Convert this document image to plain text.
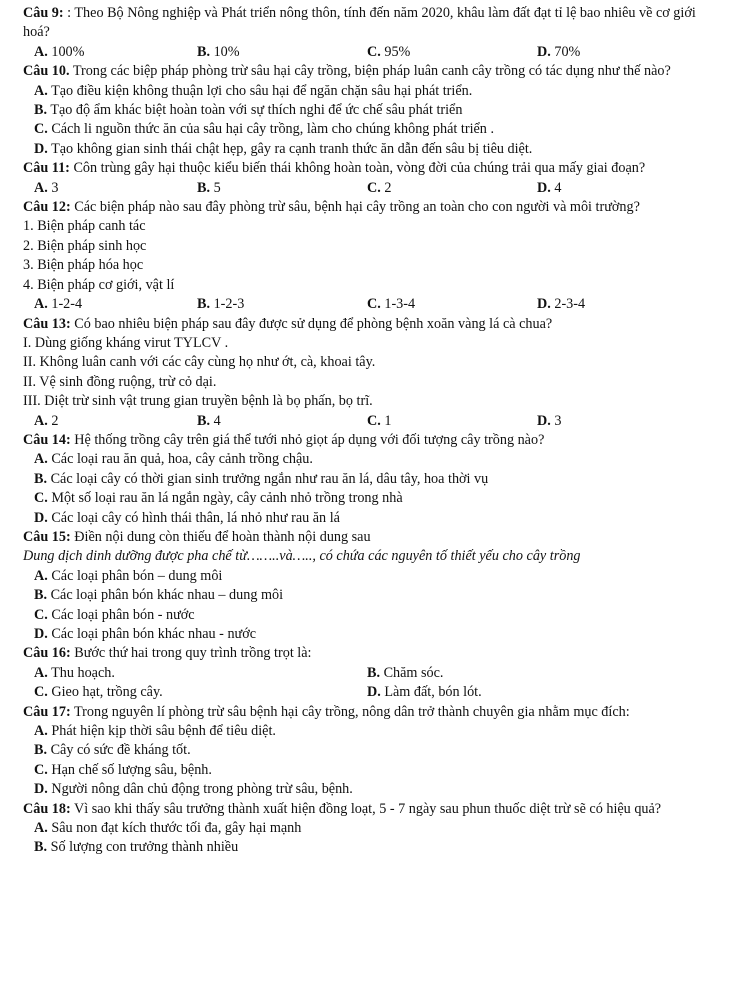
Câu 9: : Theo Bộ Nông nghiệp và Phát triển nông thôn, tính đến năm 2020, khâu làm đất đạt tỉ lệ bao nhiêu về cơ giới hoá?

A. 100%	B. 10%	C. 95%	D. 70%

Câu 10. Trong các biệp pháp phòng trừ sâu hại cây trồng, biện pháp luân canh cây trồng có tác dụng như thế nào?

A. Tạo điều kiện không thuận lợi cho sâu hại để ngăn chặn sâu hại phát triển.
B. Tạo độ ẩm khác biệt hoàn toàn với sự thích nghi để ức chế sâu phát triển
C. Cách li nguồn thức ăn của sâu hại cây trồng, làm cho chúng không phát triển .
D. Tạo không gian sinh thái chật hẹp, gây ra cạnh tranh thức ăn dẫn đến sâu bị tiêu diệt.

Câu 11: Côn trùng gây hại thuộc kiểu biến thái không hoàn toàn, vòng đời của chúng trải qua mấy giai đoạn?

A. 3	B. 5	C. 2	D. 4

Câu 12: Các biện pháp nào sau đây phòng trừ sâu, bệnh hại cây trồng an toàn cho con người và môi trường?

1. Biện pháp canh tác
2. Biện pháp sinh học
3. Biện pháp hóa học
4. Biện pháp cơ giới, vật lí
A. 1-2-4	B. 1-2-3	C. 1-3-4	D. 2-3-4

Câu 13: Có bao nhiêu biện pháp sau đây được sử dụng để phòng bệnh xoăn vàng lá cà chua?

I. Dùng giống kháng virut TYLCV .
II. Không luân canh với các cây cùng họ như ớt, cà, khoai tây.
II. Vệ sinh đồng ruộng, trừ cỏ dại.
III. Diệt trừ sinh vật trung gian truyền bệnh là bọ phấn, bọ trĩ.
A. 2	B. 4	C. 1	D. 3

Câu 14: Hệ thống trồng cây trên giá thể tưới nhỏ giọt áp dụng với đối tượng cây trồng nào?

A. Các loại rau ăn quả, hoa, cây cảnh trồng chậu.
B. Các loại cây có thời gian sinh trưởng ngắn như rau ăn lá, dâu tây, hoa thời vụ
C. Một số loại rau ăn lá ngắn ngày, cây cảnh nhỏ trồng trong nhà
D. Các loại cây có hình thái thân, lá nhỏ như rau ăn lá

Câu 15: Điền nội dung còn thiếu để hoàn thành nội dung sau

Dung dịch dinh dưỡng được pha chế từ……..và….., có chứa các nguyên tố thiết yếu cho cây trồng
A. Các loại phân bón – dung môi
B. Các loại phân bón khác nhau – dung môi
C. Các loại phân bón - nước
D. Các loại phân bón khác nhau - nước

Câu 16: Bước thứ hai trong quy trình trồng trọt là:

A. Thu hoạch.	B. Chăm sóc.
C. Gieo hạt, trồng cây.	D. Làm đất, bón lót.

Câu 17: Trong nguyên lí phòng trừ sâu bệnh hại cây trồng, nông dân trở thành chuyên gia nhằm mục đích:

A. Phát hiện kịp thời sâu bệnh để tiêu diệt.
B. Cây có sức đề kháng tốt.
C. Hạn chế số lượng sâu, bệnh.
D. Người nông dân chủ động trong phòng trừ sâu, bệnh.

Câu 18: Vì sao khi thấy sâu trưởng thành xuất hiện đồng loạt, 5 - 7 ngày sau phun thuốc diệt trừ sẽ có hiệu quả?

A. Sâu non đạt kích thước tối đa, gây hại mạnh
B. Số lượng con trưởng thành nhiều
